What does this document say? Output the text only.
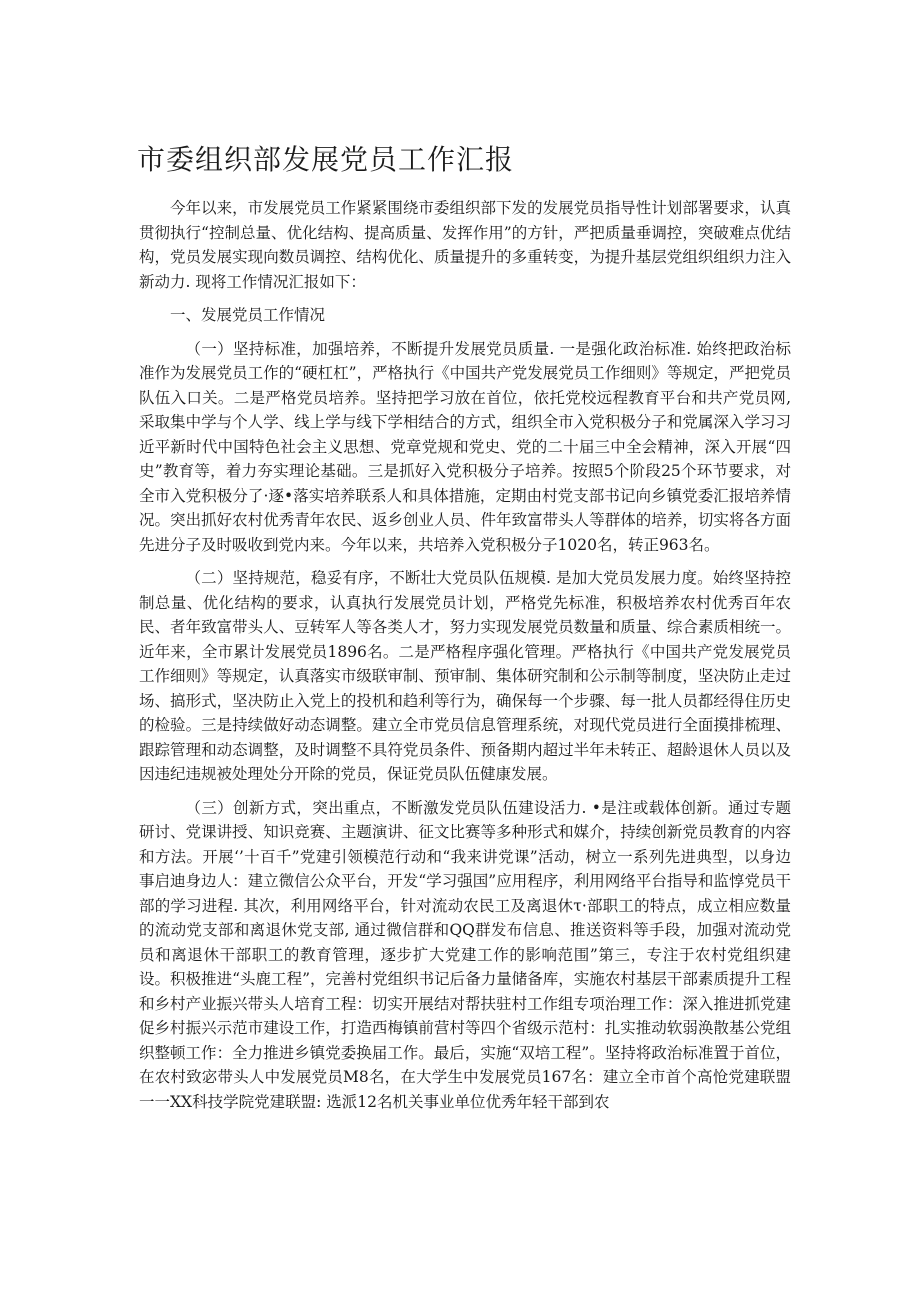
市委组织部发展党员工作汇报

今年以来，市发展党员工作紧紧围绕市委组织部下发的发展党员指导性计划部署要求，认真贯彻执行“控制总量、优化结构、提高质量、发挥作用”的方针，严把质量垂调控，突破难点优结构，党员发展实现向数员调控、结构优化、质量提升的多重转变，为提升基层党组织组织力注入新动力. 现将工作情况汇报如下：

一、发展党员工作情况

（一）坚持标准，加强培养，不断提升发展党员质量. 一是强化政治标准. 始终把政治标准作为发展党员工作的“硬杠杠”，严格执行《中国共产党发展党员工作细则》等规定，严把党员队伍入口关。二是严格党员培养。坚持把学习放在首位，依托党校远程教育平台和共产党员网, 采取集中学与个人学、线上学与线下学相结合的方式，组织全市入党积极分子和党属深入学习习近平新时代中国特色社会主义思想、党章党规和党史、党的二十届三中全会精神，深入开展“四史”教育等，着力夯实理论基础。三是抓好入党积极分子培养。按照5个阶段25个环节要求，对全市入党积极分了·逐•落实培养联系人和具体措施，定期由村党支部书记向乡镇党委汇报培养情况。突出抓好农村优秀青年农民、返乡创业人员、件年致富带头人等群体的培养，切实将各方面先进分子及时吸收到党内来。今年以来，共培养入党积极分子1020名，转正963名。

（二）坚持规范，稳妥有序，不断壮大党员队伍规模. 是加大党员发展力度。始终坚持控制总量、优化结构的要求，认真执行发展党员计划，严格党先标准，积极培养农村优秀百年农民、者年致富带头人、豆转军人等各类人才，努力实现发展党员数量和质量、综合素质相统一。近年来，全市累计发展党员1896名。二是严格程序强化管理。严格执行《中国共产党发展党员工作细则》等规定，认真落实市级联审制、预审制、集体研究制和公示制等制度，坚决防止走过场、搞形式，坚决防止入党上的投机和趋利等行为，确保每一个步骤、每一批人员都经得住历史的检验。三是持续做好动态调整。建立全市党员信息管理系统，对现代党员进行全面摸排梳理、跟踪管理和动态调整，及时调整不具符党员条件、预备期内超过半年未转正、超龄退休人员以及因违纪违规被处理处分开除的党员，保证党员队伍健康发展。

（三）创新方式，突出重点，不断激发党员队伍建设活力. •是注或载体创新。通过专题研讨、党课讲授、知识竞赛、主题演讲、征文比赛等多种形式和媒介，持续创新党员教育的内容和方法。开展‘’十百千”党建引领模范行动和“我来讲党课”活动，树立一系列先进典型，以身边事启迪身边人：建立微信公众平台，开发“学习强国”应用程序，利用网络平台指导和监惇党员干部的学习进程. 其次，利用网络平台，针对流动农民工及离退休τ·部职工的特点，成立相应数量的流动党支部和离退休党支部, 通过微信群和QQ群发布信息、推送资料等手段，加强对流动党员和离退休干部职工的教育管理，逐步扩大党建工作的影响范围”第三，专注于农村党组织建设。积极推进“头鹿工程”，完善村党组织书记后备力量储备库，实施农村基层干部素质提升工程和乡村产业振兴带头人培育工程：切实开展结对帮扶驻村工作组专项治理工作：深入推进抓党建促乡村振兴示范市建设工作，打造西梅镇前营村等四个省级示范村：扎实推动软弱涣散基公党组织整顿工作：全力推进乡镇党委换届工作。最后，实施“双培工程”。坚持将政治标准置于首位，在农村致宓带头人中发展党员M8名，在大学生中发展党员167名：建立全市首个高怆党建联盟一一XX科技学院党建联盟: 选派12名机关事业单位优秀年轻干部到农
